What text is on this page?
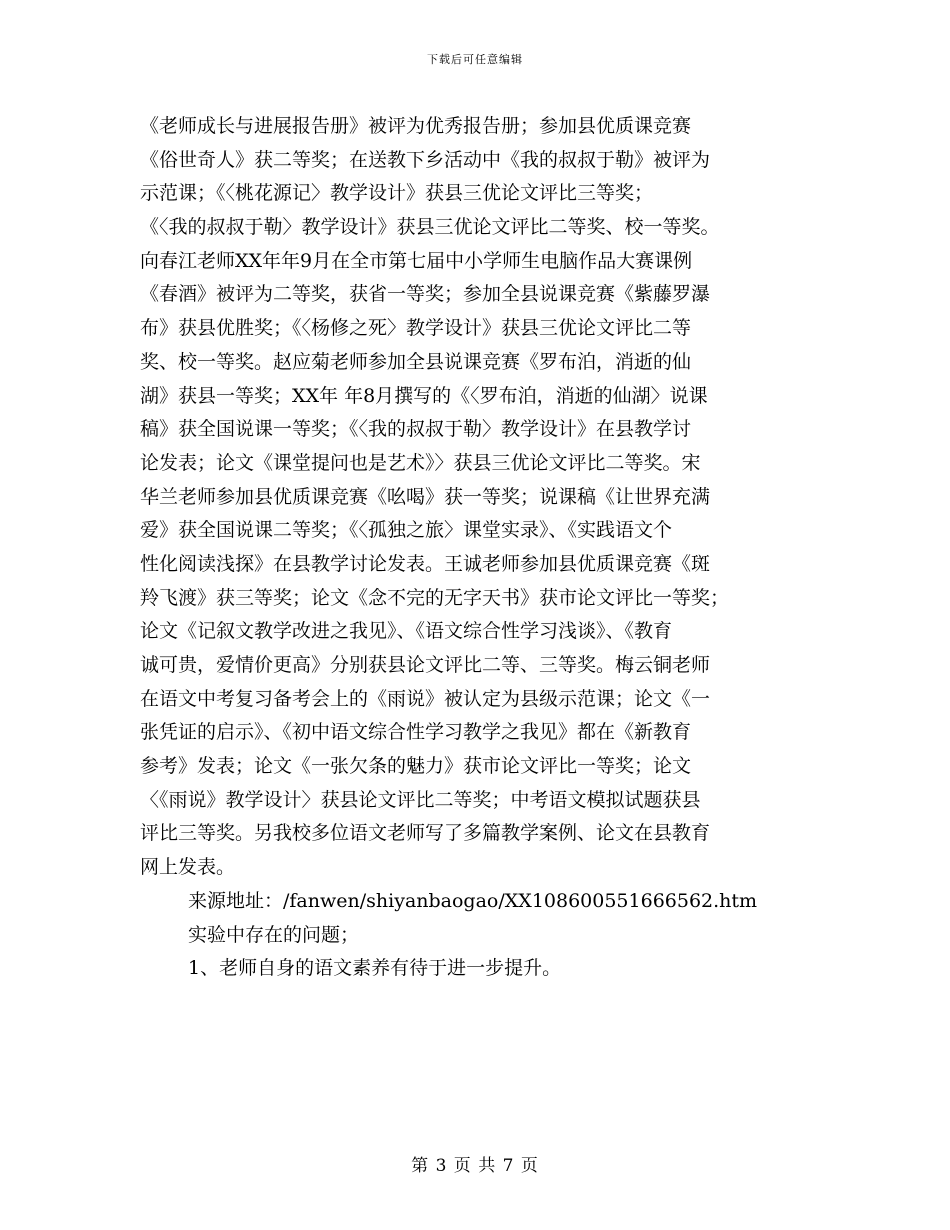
下载后可任意编辑
《老师成长与进展报告册》被评为优秀报告册；参加县优质课竞赛
《俗世奇人》获二等奖；在送教下乡活动中《我的叔叔于勒》被评为
示范课；《〈桃花源记〉教学设计》获县三优论文评比三等奖；
《〈我的叔叔于勒〉教学设计》获县三优论文评比二等奖、校一等奖。
向春江老师XX年年9月在全市第七届中小学师生电脑作品大赛课例
《春酒》被评为二等奖，获省一等奖；参加全县说课竞赛《紫藤罗瀑
布》获县优胜奖；《〈杨修之死〉教学设计》获县三优论文评比二等
奖、校一等奖。赵应菊老师参加全县说课竞赛《罗布泊，消逝的仙
湖》获县一等奖；XX年 年8月撰写的《〈罗布泊，消逝的仙湖〉说课
稿》获全国说课一等奖；《〈我的叔叔于勒〉教学设计》在县教学讨
论发表；论文《课堂提问也是艺术》〉获县三优论文评比二等奖。宋
华兰老师参加县优质课竞赛《吆喝》获一等奖；说课稿《让世界充满
爱》获全国说课二等奖；《〈孤独之旅〉课堂实录》、《实践语文个
性化阅读浅探》在县教学讨论发表。王诚老师参加县优质课竞赛《斑
羚飞渡》获三等奖；论文《念不完的无字天书》获市论文评比一等奖；
论文《记叙文教学改进之我见》、《语文综合性学习浅谈》、《教育
诚可贵，爱情价更高》分别获县论文评比二等、三等奖。梅云铜老师
在语文中考复习备考会上的《雨说》被认定为县级示范课；论文《一
张凭证的启示》、《初中语文综合性学习教学之我见》都在《新教育
参考》发表；论文《一张欠条的魅力》获市论文评比一等奖；论文
〈《雨说》教学设计〉获县论文评比二等奖；中考语文模拟试题获县
评比三等奖。另我校多位语文老师写了多篇教学案例、论文在县教育
网上发表。
来源地址：/fanwen/shiyanbaogao/XX108600551666562.htm
实验中存在的问题；
1、老师自身的语文素养有待于进一步提升。
第 3 页 共 7 页
